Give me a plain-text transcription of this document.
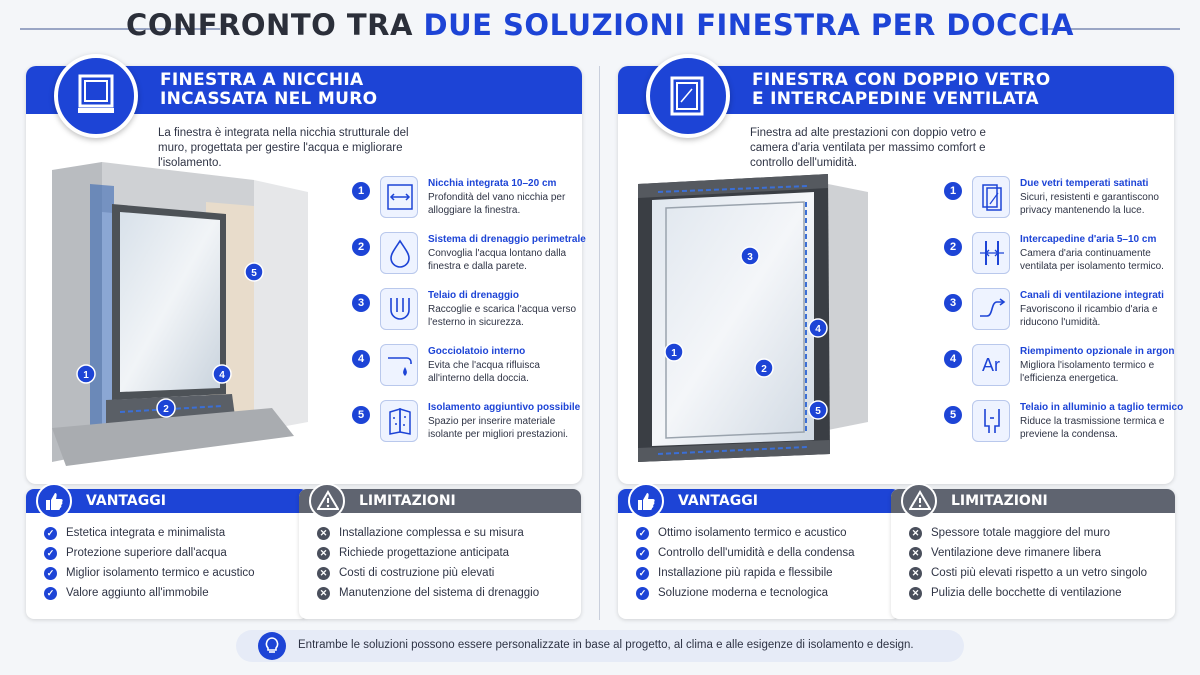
CONFRONTO TRA DUE SOLUZIONI FINESTRA PER DOCCIA
FINESTRA A NICCHIA
INCASSATA NEL MURO
La finestra è integrata nella nicchia strutturale del muro, progettata per gestire l'acqua e migliorare l'isolamento.
1
2
4
5
1
Nicchia integrata 10–20 cm
Profondità del vano nicchia per alloggiare la finestra.
2
Sistema di drenaggio perimetrale
Convoglia l'acqua lontano dalla finestra e dalla parete.
3
Telaio di drenaggio
Raccoglie e scarica l'acqua verso l'esterno in sicurezza.
4
Gocciolatoio interno
Evita che l'acqua rifluisca all'interno della doccia.
5
Isolamento aggiuntivo possibile
Spazio per inserire materiale isolante per migliori prestazioni.
FINESTRA CON DOPPIO VETRO
E INTERCAPEDINE VENTILATA
Finestra ad alte prestazioni con doppio vetro e camera d'aria ventilata per massimo comfort e controllo dell'umidità.
1
2
3
4
5
1
Due vetri temperati satinati
Sicuri, resistenti e garantiscono privacy mantenendo la luce.
2
Intercapedine d'aria 5–10 cm
Camera d'aria continuamente ventilata per isolamento termico.
3
Canali di ventilazione integrati
Favoriscono il ricambio d'aria e riducono l'umidità.
4	Ar
Riempimento opzionale in argon
Migliora l'isolamento termico e l'efficienza energetica.
5
Telaio in alluminio a taglio termico
Riduce la trasmissione termica e previene la condensa.
VANTAGGI
✓ Estetica integrata e minimalista
✓ Protezione superiore dall'acqua
✓ Miglior isolamento termico e acustico
✓ Valore aggiunto all'immobile
LIMITAZIONI
✕ Installazione complessa e su misura
✕ Richiede progettazione anticipata
✕ Costi di costruzione più elevati
✕ Manutenzione del sistema di drenaggio
VANTAGGI
✓ Ottimo isolamento termico e acustico
✓ Controllo dell'umidità e della condensa
✓ Installazione più rapida e flessibile
✓ Soluzione moderna e tecnologica
LIMITAZIONI
✕ Spessore totale maggiore del muro
✕ Ventilazione deve rimanere libera
✕ Costi più elevati rispetto a un vetro singolo
✕ Pulizia delle bocchette di ventilazione
Entrambe le soluzioni possono essere personalizzate in base al progetto, al clima e alle esigenze di isolamento e design.
